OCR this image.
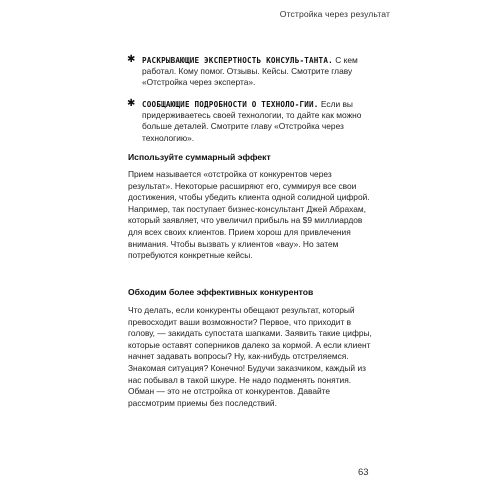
Отстройка через результат
✱ РАСКРЫВАЮЩИЕ ЭКСПЕРТНОСТЬ КОНСУЛЬ-ТАНТА. С кем работал. Кому помог. Отзывы. Кейсы. Смотрите главу «Отстройка через эксперта».
✱ СООБЩАЮЩИЕ ПОДРОБНОСТИ О ТЕХНОЛО-ГИИ. Если вы придерживаетесь своей технологии, то дайте как можно больше деталей. Смотрите главу «Отстройка через технологию».
Используйте суммарный эффект
Прием называется «отстройка от конкурентов через результат». Некоторые расширяют его, суммируя все свои достижения, чтобы убедить клиента одной солидной цифрой. Например, так поступает бизнес-консультант Джей Абрахам, который заявляет, что увеличил прибыль на $9 миллиардов для всех своих клиентов. Прием хорош для привлечения внимания. Чтобы вызвать у клиентов «вау». Но затем потребуются конкретные кейсы.
Обходим более эффективных конкурентов
Что делать, если конкуренты обещают результат, который превосходит ваши возможности? Первое, что приходит в голову, — закидать супостата шапками. Заявить такие цифры, которые оставят соперников далеко за кормой. А если клиент начнет задавать вопросы? Ну, как-нибудь отстреляемся. Знакомая ситуация? Конечно! Будучи заказчиком, каждый из нас побывал в такой шкуре. Не надо подменять понятия. Обман — это не отстройка от конкурентов. Давайте рассмотрим приемы без последствий.
63
